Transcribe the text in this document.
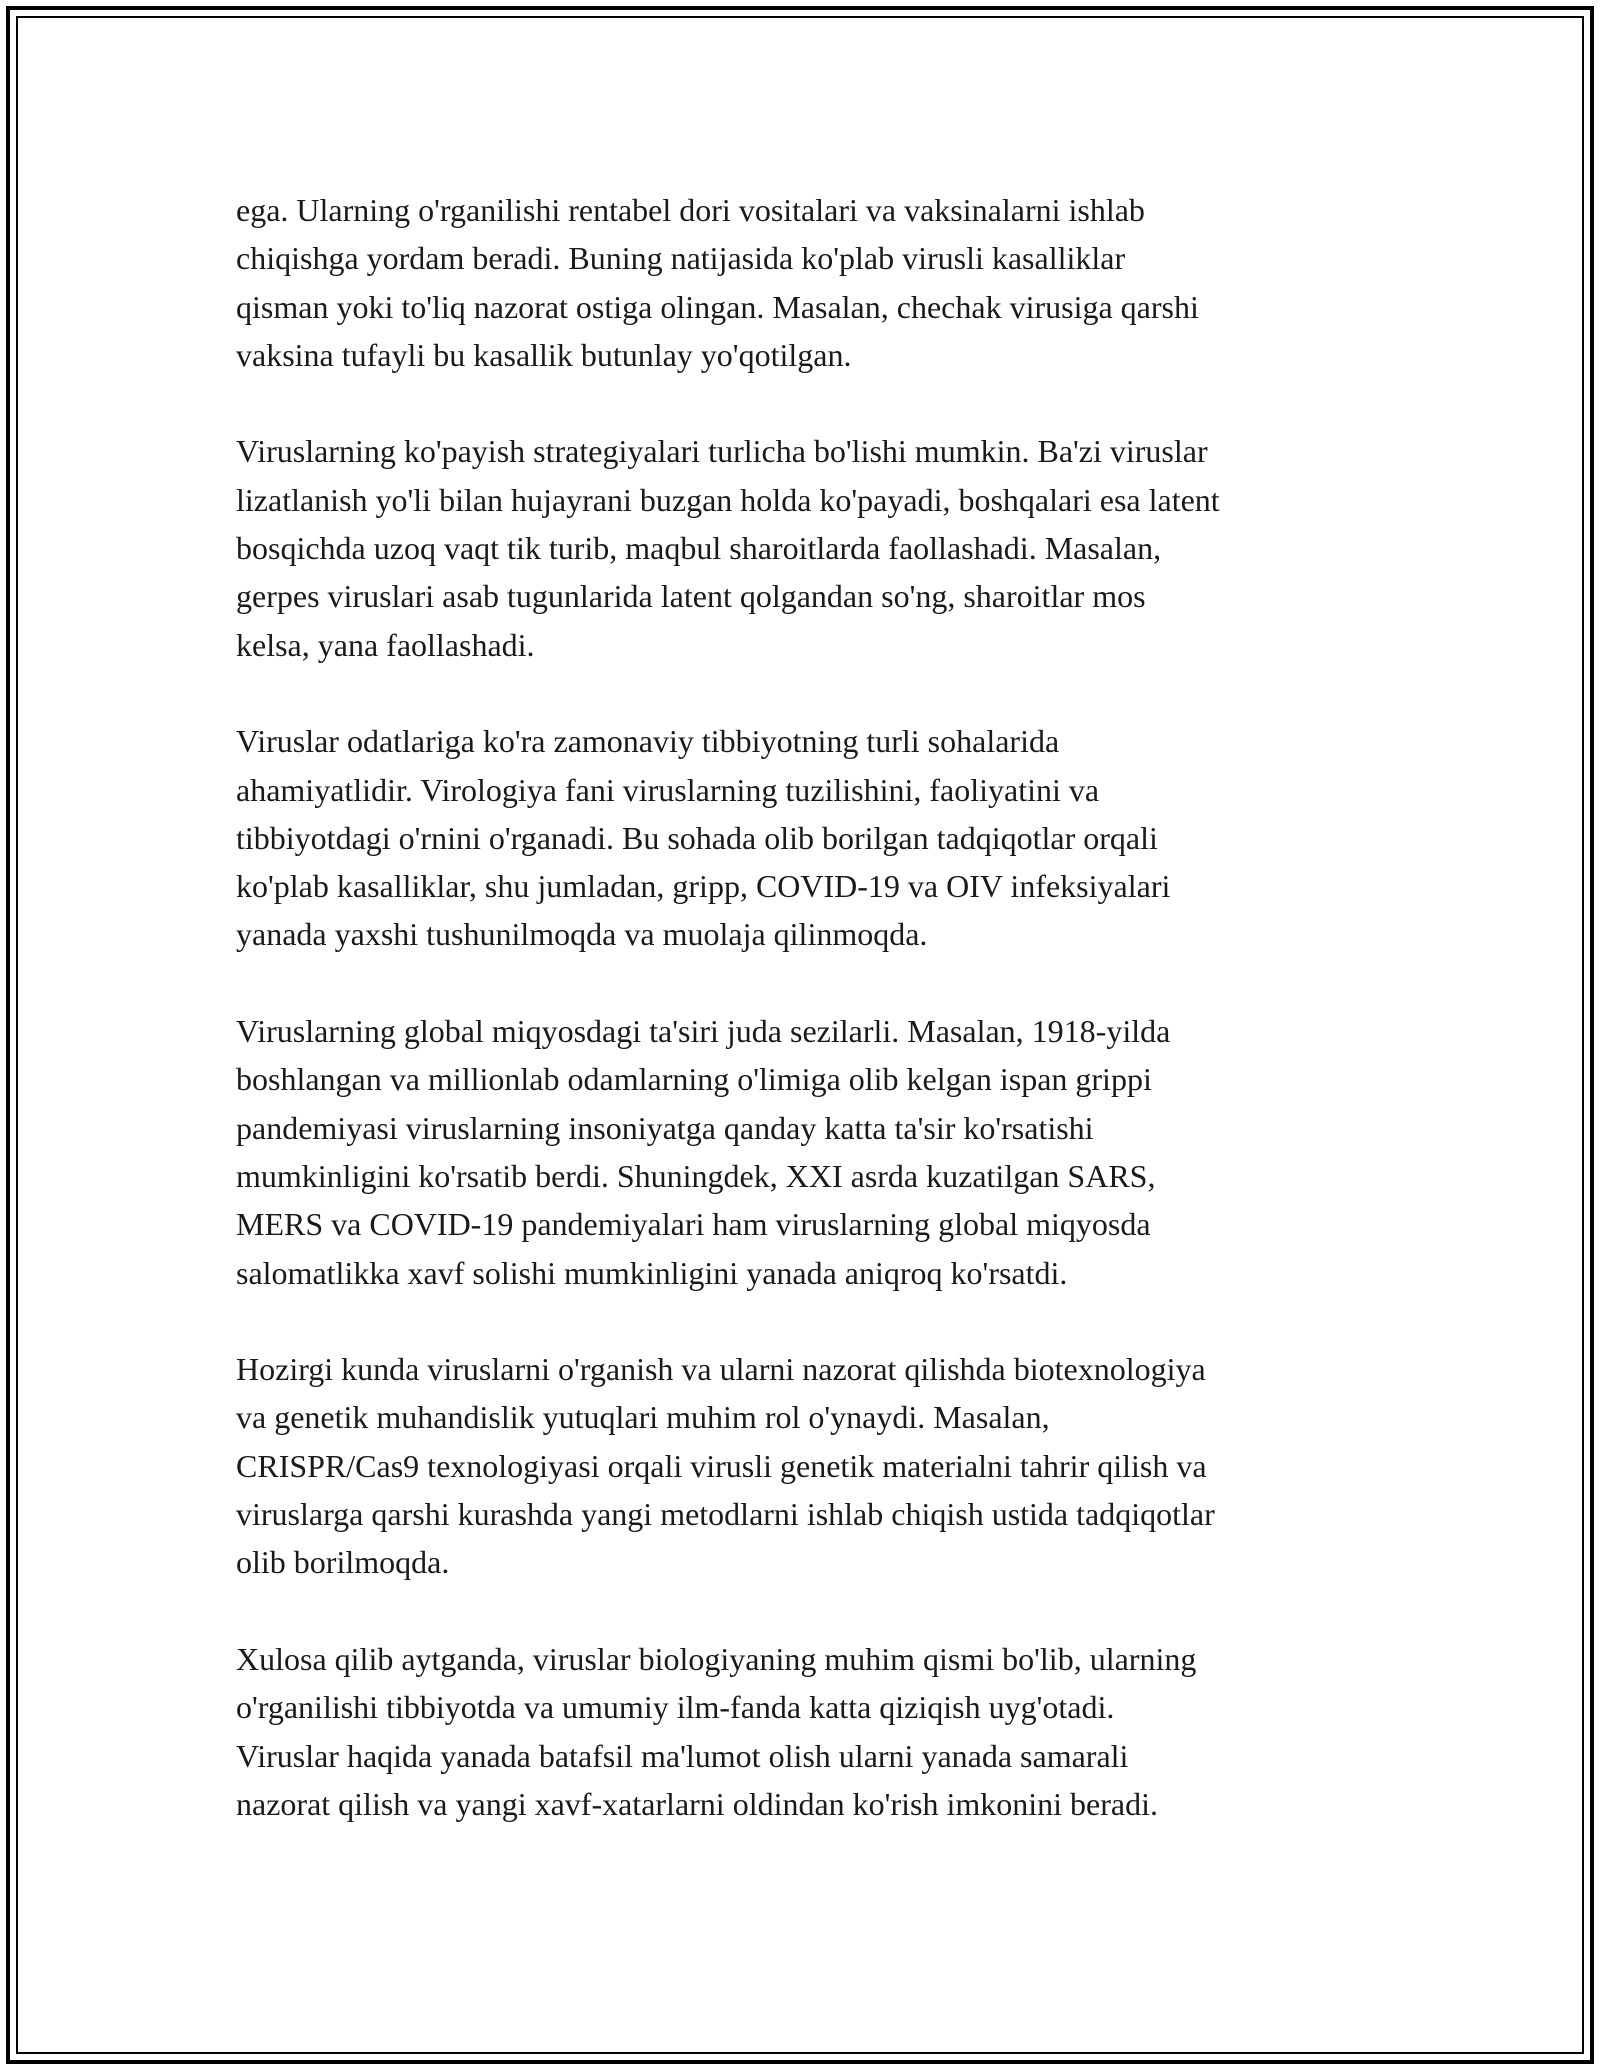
ega. Ularning o'rganilishi rentabel dori vositalari va vaksinalarni ishlab
chiqishga yordam beradi. Buning natijasida ko'plab virusli kasalliklar
qisman yoki to'liq nazorat ostiga olingan. Masalan, chechak virusiga qarshi
vaksina tufayli bu kasallik butunlay yo'qotilgan.

Viruslarning ko'payish strategiyalari turlicha bo'lishi mumkin. Ba'zi viruslar
lizatlanish yo'li bilan hujayrani buzgan holda ko'payadi, boshqalari esa latent
bosqichda uzoq vaqt tik turib, maqbul sharoitlarda faollashadi. Masalan,
gerpes viruslari asab tugunlarida latent qolgandan so'ng, sharoitlar mos
kelsa, yana faollashadi.

Viruslar odatlariga ko'ra zamonaviy tibbiyotning turli sohalarida
ahamiyatlidir. Virologiya fani viruslarning tuzilishini, faoliyatini va
tibbiyotdagi o'rnini o'rganadi. Bu sohada olib borilgan tadqiqotlar orqali
ko'plab kasalliklar, shu jumladan, gripp, COVID-19 va OIV infeksiyalari
yanada yaxshi tushunilmoqda va muolaja qilinmoqda.

Viruslarning global miqyosdagi ta'siri juda sezilarli. Masalan, 1918-yilda
boshlangan va millionlab odamlarning o'limiga olib kelgan ispan grippi
pandemiyasi viruslarning insoniyatga qanday katta ta'sir ko'rsatishi
mumkinligini ko'rsatib berdi. Shuningdek, XXI asrda kuzatilgan SARS,
MERS va COVID-19 pandemiyalari ham viruslarning global miqyosda
salomatlikka xavf solishi mumkinligini yanada aniqroq ko'rsatdi.

Hozirgi kunda viruslarni o'rganish va ularni nazorat qilishda biotexnologiya
va genetik muhandislik yutuqlari muhim rol o'ynaydi. Masalan,
CRISPR/Cas9 texnologiyasi orqali virusli genetik materialni tahrir qilish va
viruslarga qarshi kurashda yangi metodlarni ishlab chiqish ustida tadqiqotlar
olib borilmoqda.

Xulosa qilib aytganda, viruslar biologiyaning muhim qismi bo'lib, ularning
o'rganilishi tibbiyotda va umumiy ilm-fanda katta qiziqish uyg'otadi.
Viruslar haqida yanada batafsil ma'lumot olish ularni yanada samarali
nazorat qilish va yangi xavf-xatarlarni oldindan ko'rish imkonini beradi.
